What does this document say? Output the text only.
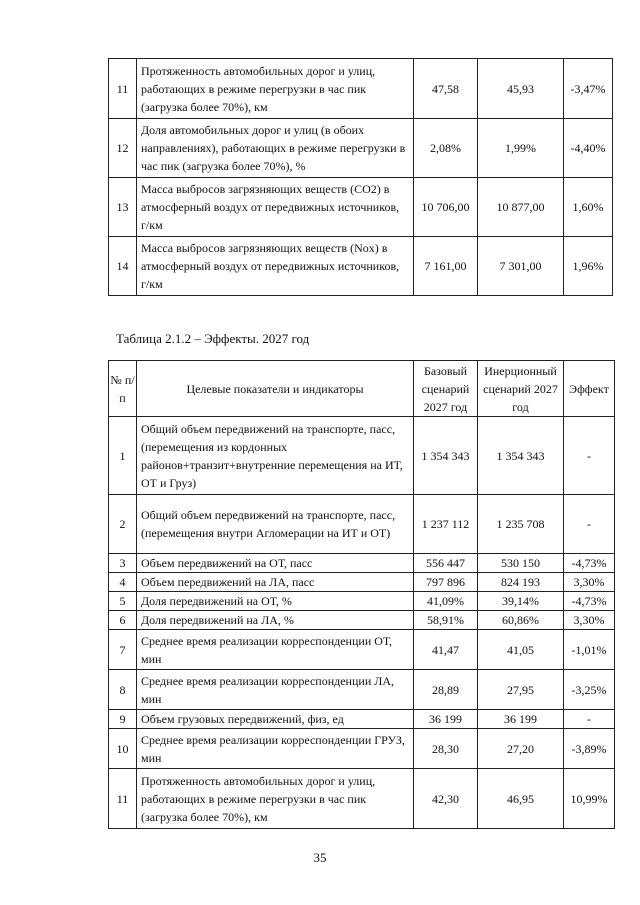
11	Протяженность автомобильных дорог и улиц, работающих в режиме перегрузки в час пик (загрузка более 70%), км	47,58	45,93	-3,47%
12	Доля автомобильных дорог и улиц (в обоих направлениях), работающих в режиме перегрузки в час пик (загрузка более 70%), %	2,08%	1,99%	-4,40%
13	Масса выбросов загрязняющих веществ (CO2) в атмосферный воздух от передвижных источников, г/км	10 706,00	10 877,00	1,60%
14	Масса выбросов загрязняющих веществ (Nox) в атмосферный воздух от передвижных источников, г/км	7 161,00	7 301,00	1,96%
Таблица 2.1.2 – Эффекты. 2027 год
№ п/п	Целевые показатели и индикаторы	Базовый сценарий 2027 год	Инерционный сценарий 2027 год	Эффект
1	Общий объем передвижений на транспорте, пасс, (перемещения из кордонных районов+транзит+внутренние перемещения на ИТ, ОТ и Груз)	1 354 343	1 354 343	-
2	Общий объем передвижений на транспорте, пасс, (перемещения внутри Агломерации на ИТ и ОТ)	1 237 112	1 235 708	-
3	Объем передвижений на ОТ, пасс	556 447	530 150	-4,73%
4	Объем передвижений на ЛА, пасс	797 896	824 193	3,30%
5	Доля передвижений на ОТ, %	41,09%	39,14%	-4,73%
6	Доля передвижений на ЛА, %	58,91%	60,86%	3,30%
7	Среднее время реализации корреспонденции ОТ, мин	41,47	41,05	-1,01%
8	Среднее время реализации корреспонденции ЛА, мин	28,89	27,95	-3,25%
9	Объем грузовых передвижений, физ, ед	36 199	36 199	-
10	Среднее время реализации корреспонденции ГРУЗ, мин	28,30	27,20	-3,89%
11	Протяженность автомобильных дорог и улиц, работающих в режиме перегрузки в час пик (загрузка более 70%), км	42,30	46,95	10,99%
35
